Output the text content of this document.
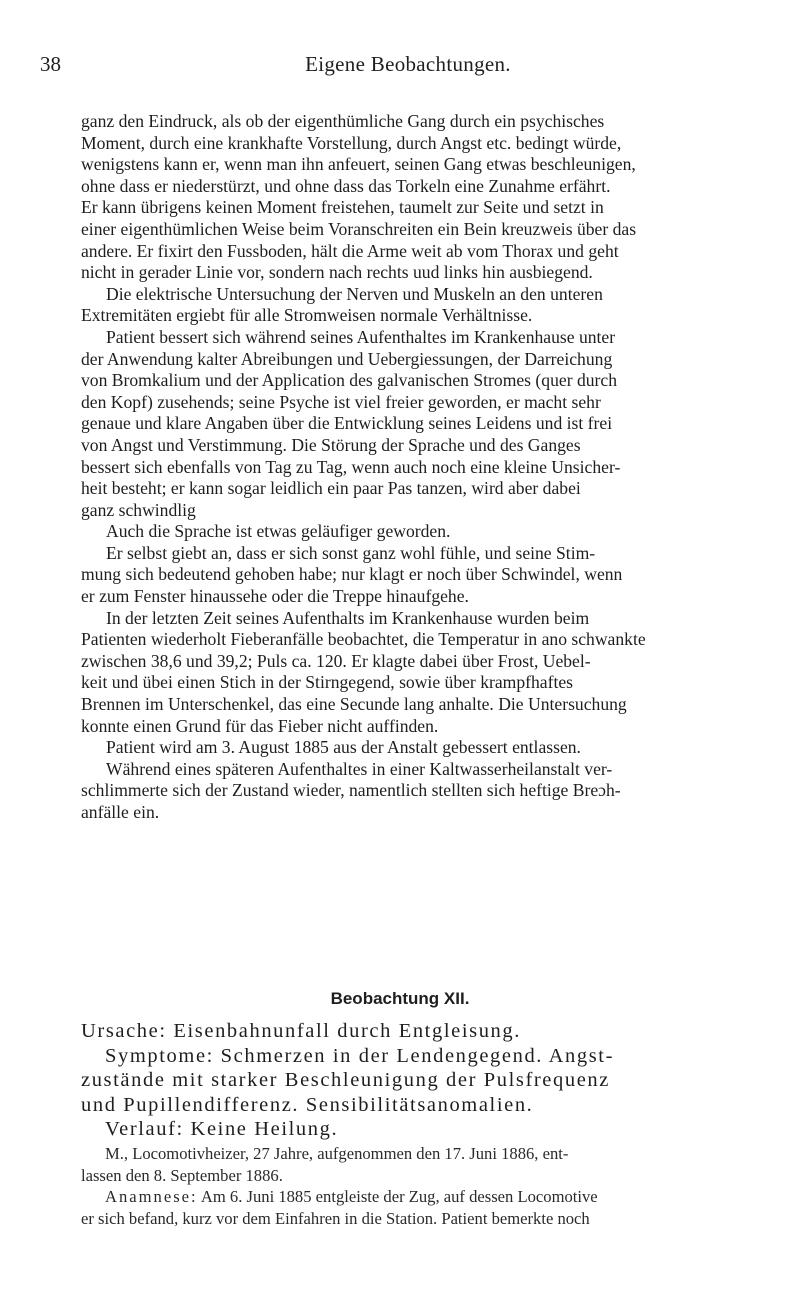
38	Eigene Beobachtungen.
ganz den Eindruck, als ob der eigenthümliche Gang durch ein psychisches
Moment, durch eine krankhafte Vorstellung, durch Angst etc. bedingt würde,
wenigstens kann er, wenn man ihn anfeuert, seinen Gang etwas beschleunigen,
ohne dass er niederstürzt, und ohne dass das Torkeln eine Zunahme erfährt.
Er kann übrigens keinen Moment freistehen, taumelt zur Seite und setzt in
einer eigenthümlichen Weise beim Voranschreiten ein Bein kreuzweis über das
andere. Er fixirt den Fussboden, hält die Arme weit ab vom Thorax und geht
nicht in gerader Linie vor, sondern nach rechts uud links hin ausbiegend.
Die elektrische Untersuchung der Nerven und Muskeln an den unteren
Extremitäten ergiebt für alle Stromweisen normale Verhältnisse.
Patient bessert sich während seines Aufenthaltes im Krankenhause unter
der Anwendung kalter Abreibungen und Uebergiessungen, der Darreichung
von Bromkalium und der Application des galvanischen Stromes (quer durch
den Kopf) zusehends; seine Psyche ist viel freier geworden, er macht sehr
genaue und klare Angaben über die Entwicklung seines Leidens und ist frei
von Angst und Verstimmung. Die Störung der Sprache und des Ganges
bessert sich ebenfalls von Tag zu Tag, wenn auch noch eine kleine Unsicher-
heit besteht; er kann sogar leidlich ein paar Pas tanzen, wird aber dabei
ganz schwindlig
Auch die Sprache ist etwas geläufiger geworden.
Er selbst giebt an, dass er sich sonst ganz wohl fühle, und seine Stim-
mung sich bedeutend gehoben habe; nur klagt er noch über Schwindel, wenn
er zum Fenster hinaussehe oder die Treppe hinaufgehe.
In der letzten Zeit seines Aufenthalts im Krankenhause wurden beim
Patienten wiederholt Fieberanfälle beobachtet, die Temperatur in ano schwankte
zwischen 38,6 und 39,2; Puls ca. 120. Er klagte dabei über Frost, Uebel-
keit und übei einen Stich in der Stirngegend, sowie über krampfhaftes
Brennen im Unterschenkel, das eine Secunde lang anhalte. Die Untersuchung
konnte einen Grund für das Fieber nicht auffinden.
Patient wird am 3. August 1885 aus der Anstalt gebessert entlassen.
Während eines späteren Aufenthaltes in einer Kaltwasserheilanstalt ver-
schlimmerte sich der Zustand wieder, namentlich stellten sich heftige Breɔh-
anfälle ein.
Beobachtung XII.
Ursache: Eisenbahnunfall durch Entgleisung.
Symptome: Schmerzen in der Lendengegend. Angst-
zustände mit starker Beschleunigung der Pulsfrequenz
und Pupillendifferenz. Sensibilitätsanomalien.
Verlauf: Keine Heilung.
M., Locomotivheizer, 27 Jahre, aufgenommen den 17. Juni 1886, ent-
lassen den 8. September 1886.
Anamnese: Am 6. Juni 1885 entgleiste der Zug, auf dessen Locomotive
er sich befand, kurz vor dem Einfahren in die Station. Patient bemerkte noch
